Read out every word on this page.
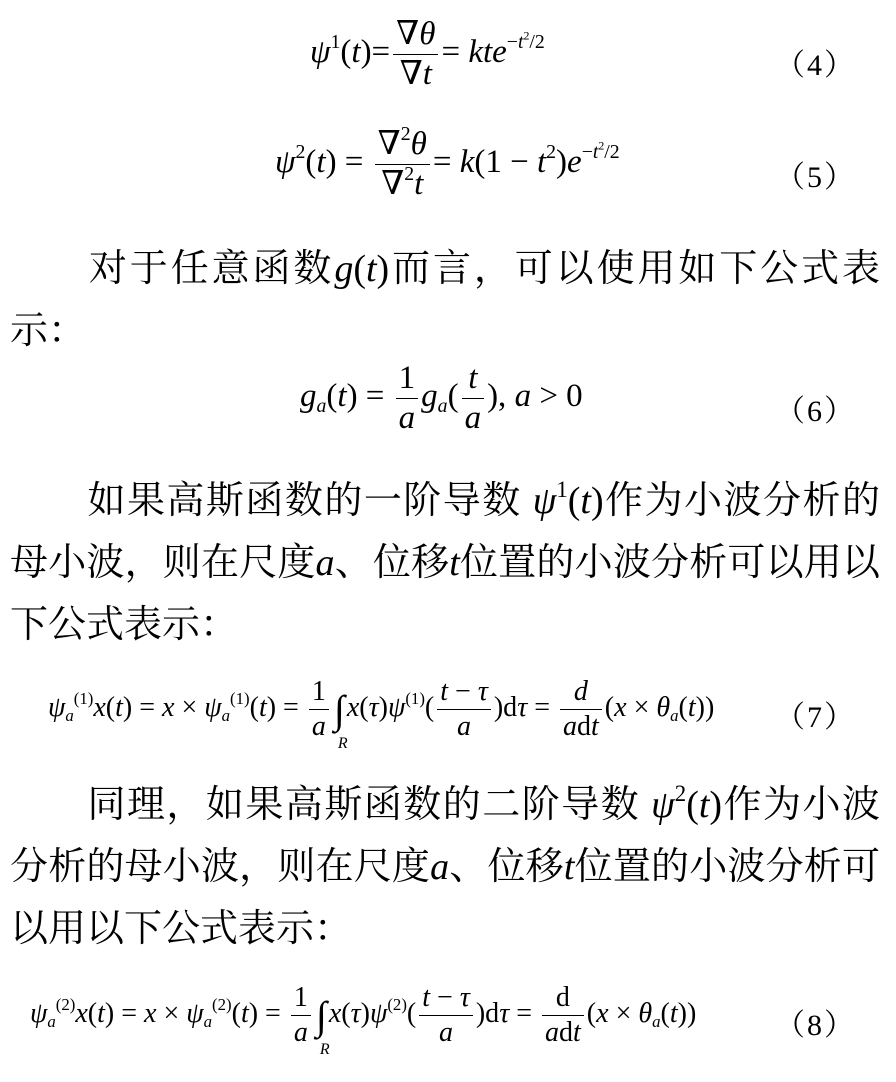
$\psi^1(t)= \frac{\nabla\theta}{\nabla t} = kte^{-t^2/2}$
（4）
$\psi^2(t) = \frac{\nabla^2\theta}{\nabla^2t} = k(1 - t^2)e^{-t^2/2}$
（5）
对于任意函数g(t)而言，可以使用如下公式表示：
$g_a(t) = \frac{1}{a} g_a( \frac{t}{a}$ ), a > 0	（6）
如果高斯函数的一阶导数 $\psi^1(t)$作为小波分析的母小波，则在尺度a、位移t位置的小波分析可以用以下公式表示：
$\psi_a^{(1)}x(t) = x \times \psi_a^{(1)}(t) = \frac{1}{a}$ ∫
R
$x(\tau)\psi^{(1)}( \frac{t - \tau}{a} )d\tau = \frac{d}{\text{adt}} (x \times \theta_a(t))$ （7）
同理，如果高斯函数的二阶导数 $\psi^2(t)$作为小波分析的母小波，则在尺度a、位移t位置的小波分析可以用以下公式表示：
$\psi_a^{(2)}x(t) = x \times \psi_a^{(2)}(t) = \frac{1}{a}$ ∫
R
$x(\tau)\psi^{(2)}( \frac{t - \tau}{a} )d\tau = \frac{d}{\text{adt}} (x \times \theta_a(t))$	（8）
